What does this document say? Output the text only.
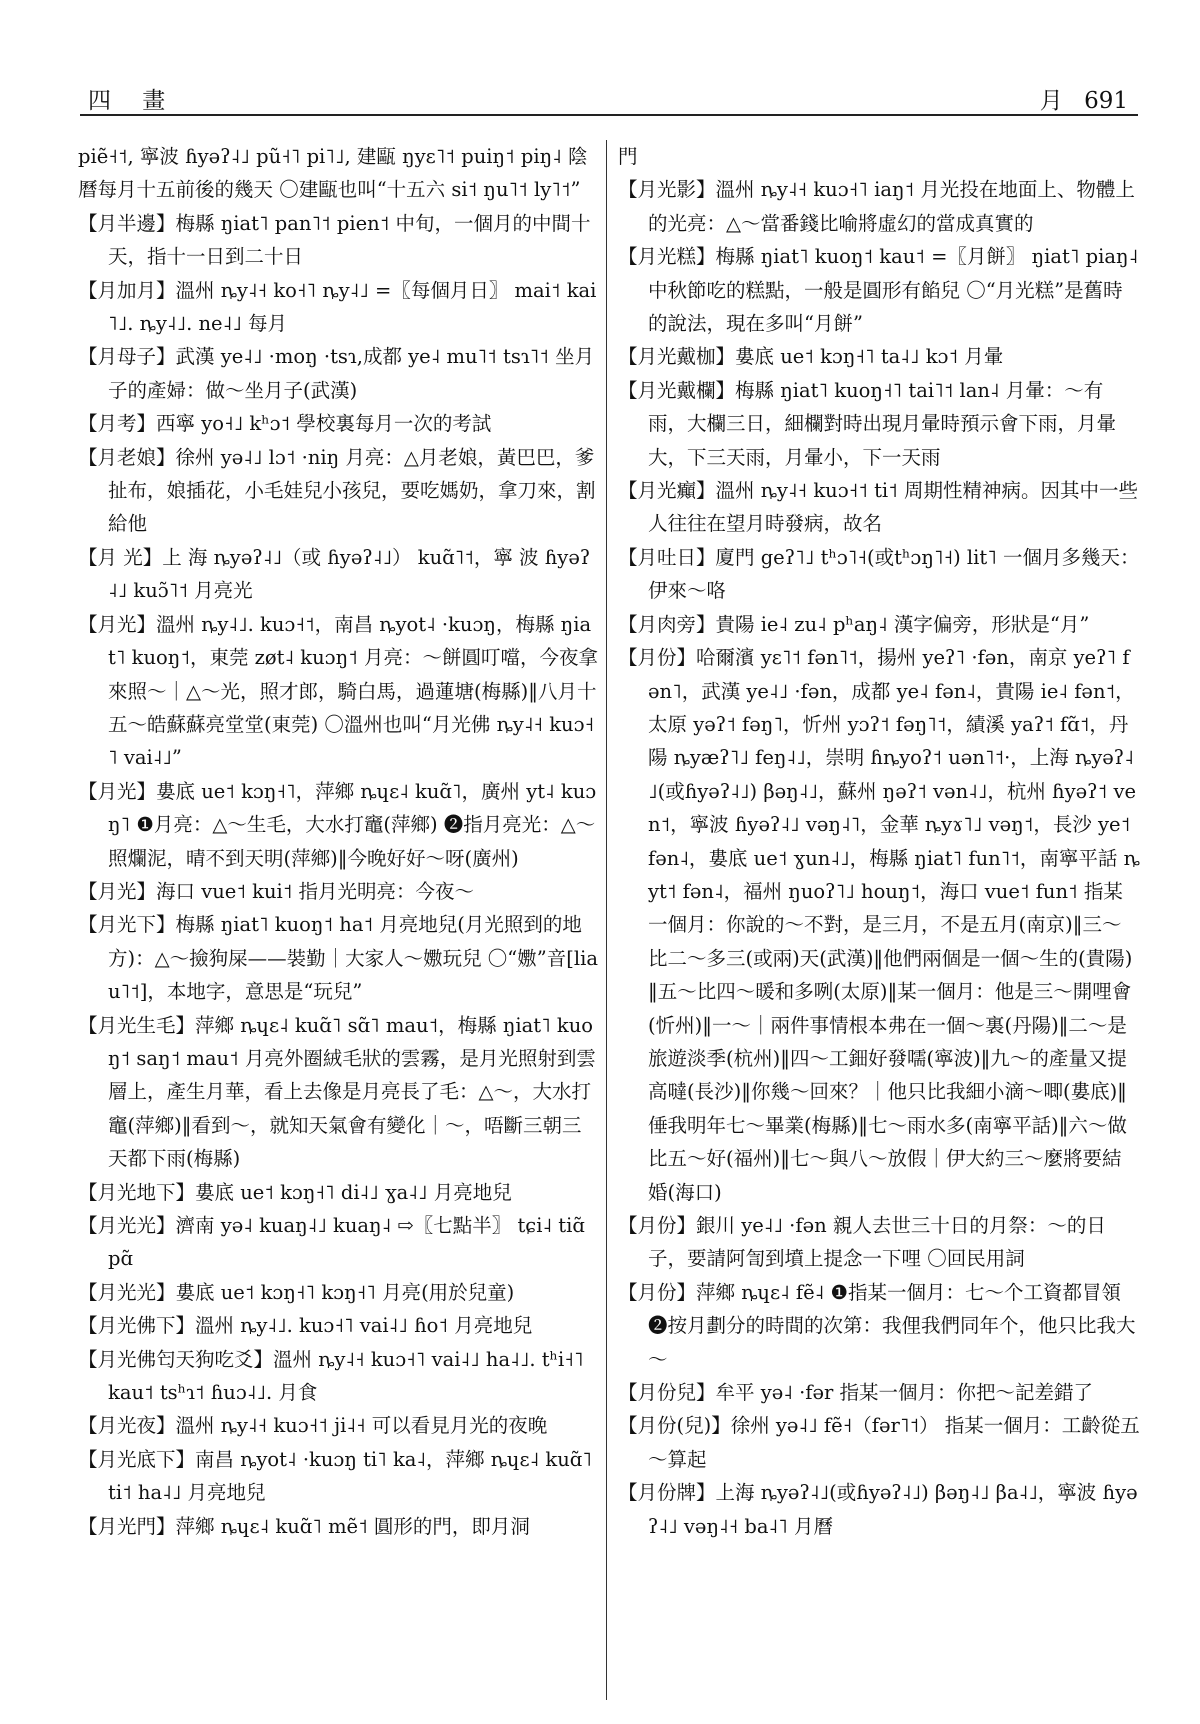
四 畫	月 691
piẽ˧˦, 寧波 ɦyəʔ˨˩ pũ˧˥ pi˥˩, 建甌 ŋyɛ˥˦ puiŋ˦ piŋ˨ 陰曆每月十五前後的幾天 〇建甌也叫“十五六 si˦ ŋu˥˦ ly˥˦”
【月半邊】梅縣 ŋiat˥ pan˥˦ pien˦ 中旬，一個月的中間十天，指十一日到二十日
【月加月】溫州 ȵy˨˧ ko˧˥ ȵy˨˩ =〖每個月日〗 mai˦ kai˥˩. ȵy˨˩. ne˨˩ 每月
【月母子】武漢 ye˨˩ ·moŋ ·tsɿ,成都 ye˨ mu˥˦ tsɿ˥˦ 坐月子的產婦：做～坐月子(武漢)
【月考】西寧 yo˧˩ kʰɔ˦ 學校裏每月一次的考試
【月老娘】徐州 yə˨˩ lɔ˦ ·niŋ 月亮：△月老娘，黃巴巴，爹扯布，娘插花，小毛娃兒小孩兒，要吃媽奶，拿刀來，割給他
【月 光】上 海 ȵyəʔ˨˩（或 ɦyəʔ˨˩） kuɑ̃˥˦，寧 波 ɦyəʔ˨˩ kuɔ̃˥˦ 月亮光
【月光】溫州 ȵy˨˩. kuɔ˧˦，南昌 ȵyot˨ ·kuɔŋ，梅縣 ŋiat˥ kuoŋ˦，東莞 zøt˨ kuɔŋ˦ 月亮：～餅圓叮噹，今夜拿來照～｜△～光，照才郎，騎白馬，過蓮塘(梅縣)‖八月十五～皓蘇蘇亮堂堂(東莞) 〇溫州也叫“月光佛 ȵy˨˧ kuɔ˧˥ vai˨˩”
【月光】婁底 ue˦ kɔŋ˧˥，萍鄉 ȵɥɛ˨ kuɑ̃˥，廣州 yt˨ kuɔŋ˥ ❶月亮：△～生毛，大水打竈(萍鄉) ❷指月亮光：△～照爛泥，晴不到天明(萍鄉)‖今晚好好～呀(廣州)
【月光】海口 vue˦ kui˦ 指月光明亮：今夜～
【月光下】梅縣 ŋiat˥ kuoŋ˦ ha˦ 月亮地兒(月光照到的地方)：△～撿狗屎——裝勤｜大家人～嫐玩兒 〇“嫐”音[liau˥˦]，本地字，意思是“玩兒”
【月光生毛】萍鄉 ȵɥɛ˨ kuɑ̃˥ sɑ̃˥ mau˦，梅縣 ŋiat˥ kuoŋ˦ saŋ˦ mau˦ 月亮外圈絨毛狀的雲霧，是月光照射到雲層上，產生月華，看上去像是月亮長了毛：△～，大水打竈(萍鄉)‖看到～，就知天氣會有變化｜～，唔斷三朝三天都下雨(梅縣)
【月光地下】婁底 ue˦ kɔŋ˧˥ di˨˩ ɣa˨˩ 月亮地兒
【月光光】濟南 yə˨ kuaŋ˨˩ kuaŋ˨ ⇨〖七點半〗 tɕi˨ tiɑ̃ pɑ̃
【月光光】婁底 ue˦ kɔŋ˧˥ kɔŋ˧˥ 月亮(用於兒童)
【月光佛下】溫州 ȵy˨˩. kuɔ˧˥ vai˨˩ ɦo˦ 月亮地兒
【月光佛匄天狗吃爻】溫州 ȵy˨˧ kuɔ˧˥ vai˨˩ ha˨˩. tʰi˧˥ kau˦ tsʰɿ˦ ɦuɔ˨˩. 月食
【月光夜】溫州 ȵy˨˧ kuɔ˧˦ ji˨˧ 可以看見月光的夜晚
【月光底下】南昌 ȵyot˨ ·kuɔŋ ti˥ ka˨，萍鄉 ȵɥɛ˨ kuɑ̃˥ ti˦ ha˨˩ 月亮地兒
【月光門】萍鄉 ȵɥɛ˨ kuɑ̃˥ mẽ˦ 圓形的門，即月洞
門
【月光影】溫州 ȵy˨˧ kuɔ˧˥ iaŋ˦ 月光投在地面上、物體上的光亮：△～當番錢比喻將虛幻的當成真實的
【月光糕】梅縣 ŋiat˥ kuoŋ˦ kau˦ =〖月餅〗 ŋiat˥ piaŋ˨ 中秋節吃的糕點，一般是圓形有餡兒 〇“月光糕”是舊時的說法，現在多叫“月餅”
【月光戴枷】婁底 ue˦ kɔŋ˧˥ ta˨˩ kɔ˦ 月暈
【月光戴欄】梅縣 ŋiat˥ kuoŋ˧˥ tai˥˦ lan˨ 月暈：～有雨，大欄三日，細欄對時出現月暈時預示會下雨，月暈大，下三天雨，月暈小，下一天雨
【月光癲】溫州 ȵy˨˧ kuɔ˧˦ ti˦ 周期性精神病。因其中一些人往往在望月時發病，故名
【月吐日】廈門 geʔ˥˩ tʰɔ˥˧(或tʰɔŋ˥˧) lit˥ 一個月多幾天：伊來～咯
【月肉旁】貴陽 ie˨ zu˨ pʰaŋ˨ 漢字偏旁，形狀是“月”
【月份】哈爾濱 yɛ˥˦ fən˥˦，揚州 yeʔ˥ ·fən，南京 yeʔ˥ fən˥，武漢 ye˨˩ ·fən，成都 ye˨ fən˨，貴陽 ie˨ fən˦，太原 yəʔ˦ fəŋ˥，忻州 yɔʔ˦ fəŋ˥˦，績溪 yaʔ˦ fɑ̃˦，丹陽 ȵyæʔ˥˩ feŋ˨˩，崇明 ɦȵyoʔ˦ uən˥˦·，上海 ȵyəʔ˨˩(或ɦyəʔ˨˩) βəŋ˨˩，蘇州 ŋəʔ˦ vən˨˩，杭州 ɦyəʔ˦ ven˦，寧波 ɦyəʔ˨˩ vəŋ˨˥，金華 ȵyɤ˥˩ vəŋ˦，長沙 ye˦ fən˨，婁底 ue˦ ɣun˨˩，梅縣 ŋiat˥ fun˥˦，南寧平話 ȵyt˦ fən˨，福州 ŋuoʔ˥˩ houŋ˦，海口 vue˦ fun˦ 指某一個月：你說的～不對，是三月，不是五月(南京)‖三～比二～多三(或兩)天(武漢)‖他們兩個是一個～生的(貴陽)‖五～比四～暖和多咧(太原)‖某一個月：他是三～開哩會(忻州)‖一～｜兩件事情根本弗在一個～裏(丹陽)‖二～是旅遊淡季(杭州)‖四～工鈿好發嚅(寧波)‖九～的產量又提高噠(長沙)‖你幾～回來？｜他只比我細小滴～唧(婁底)‖倕我明年七～畢業(梅縣)‖七～雨水多(南寧平話)‖六～做比五～好(福州)‖七～與八～放假｜伊大約三～麼將要結婚(海口)
【月份】銀川 ye˨˩ ·fən 親人去世三十日的月祭：～的日子，要請阿訇到墳上提念一下哩 〇回民用詞
【月份】萍鄉 ȵɥɛ˨ fẽ˨ ❶指某一個月：七～个工資都冒領 ❷按月劃分的時間的次第：我俚我們同年个，他只比我大～
【月份兒】牟平 yə˨ ·fər 指某一個月：你把～記差錯了
【月份(兒)】徐州 yə˨˩ fẽ˧（fər˥˦） 指某一個月：工齡從五～算起
【月份牌】上海 ȵyəʔ˨˩(或ɦyəʔ˨˩) βəŋ˨˩ βa˨˩，寧波 ɦyəʔ˨˩ vəŋ˨˧ ba˨˥ 月曆
